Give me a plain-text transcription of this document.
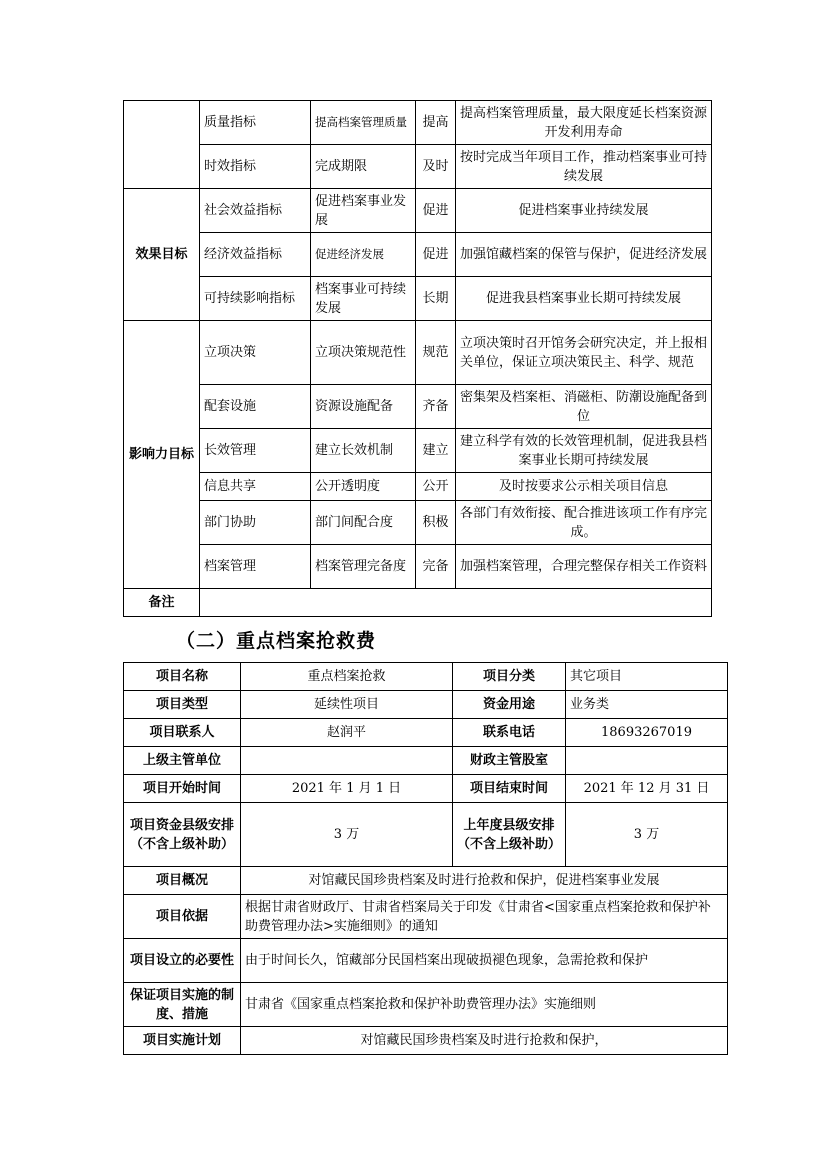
	质量指标	提高档案管理质量	提高	提高档案管理质量，最大限度延长档案资源开发利用寿命
	时效指标	完成期限	及时	按时完成当年项目工作，推动档案事业可持续发展
效果目标	社会效益指标	促进档案事业发展	促进	促进档案事业持续发展
	经济效益指标	促进经济发展	促进	加强馆藏档案的保管与保护，促进经济发展
	可持续影响指标	档案事业可持续发展	长期	促进我县档案事业长期可持续发展
影响力目标	立项决策	立项决策规范性	规范	立项决策时召开馆务会研究决定，并上报相关单位，保证立项决策民主、科学、规范
	配套设施	资源设施配备	齐备	密集架及档案柜、消磁柜、防潮设施配备到位
	长效管理	建立长效机制	建立	建立科学有效的长效管理机制，促进我县档案事业长期可持续发展
	信息共享	公开透明度	公开	及时按要求公示相关项目信息
	部门协助	部门间配合度	积极	各部门有效衔接、配合推进该项工作有序完成。
	档案管理	档案管理完备度	完备	加强档案管理，合理完整保存相关工作资料
备注				
（二）重点档案抢救费
项目名称	重点档案抢救	项目分类	其它项目
项目类型	延续性项目	资金用途	业务类
项目联系人	赵润平	联系电话	18693267019
上级主管单位		财政主管股室	
项目开始时间	2021 年 1 月 1 日	项目结束时间	2021 年 12 月 31 日
项目资金县级安排（不含上级补助）	3 万	上年度县级安排（不含上级补助）	3 万
项目概况	对馆藏民国珍贵档案及时进行抢救和保护，促进档案事业发展		
项目依据	根据甘肃省财政厅、甘肃省档案局关于印发《甘肃省<国家重点档案抢救和保护补助费管理办法>实施细则》的通知		
项目设立的必要性	由于时间长久，馆藏部分民国档案出现破损褪色现象，急需抢救和保护		
保证项目实施的制度、措施	甘肃省《国家重点档案抢救和保护补助费管理办法》实施细则		
项目实施计划	对馆藏民国珍贵档案及时进行抢救和保护，		
